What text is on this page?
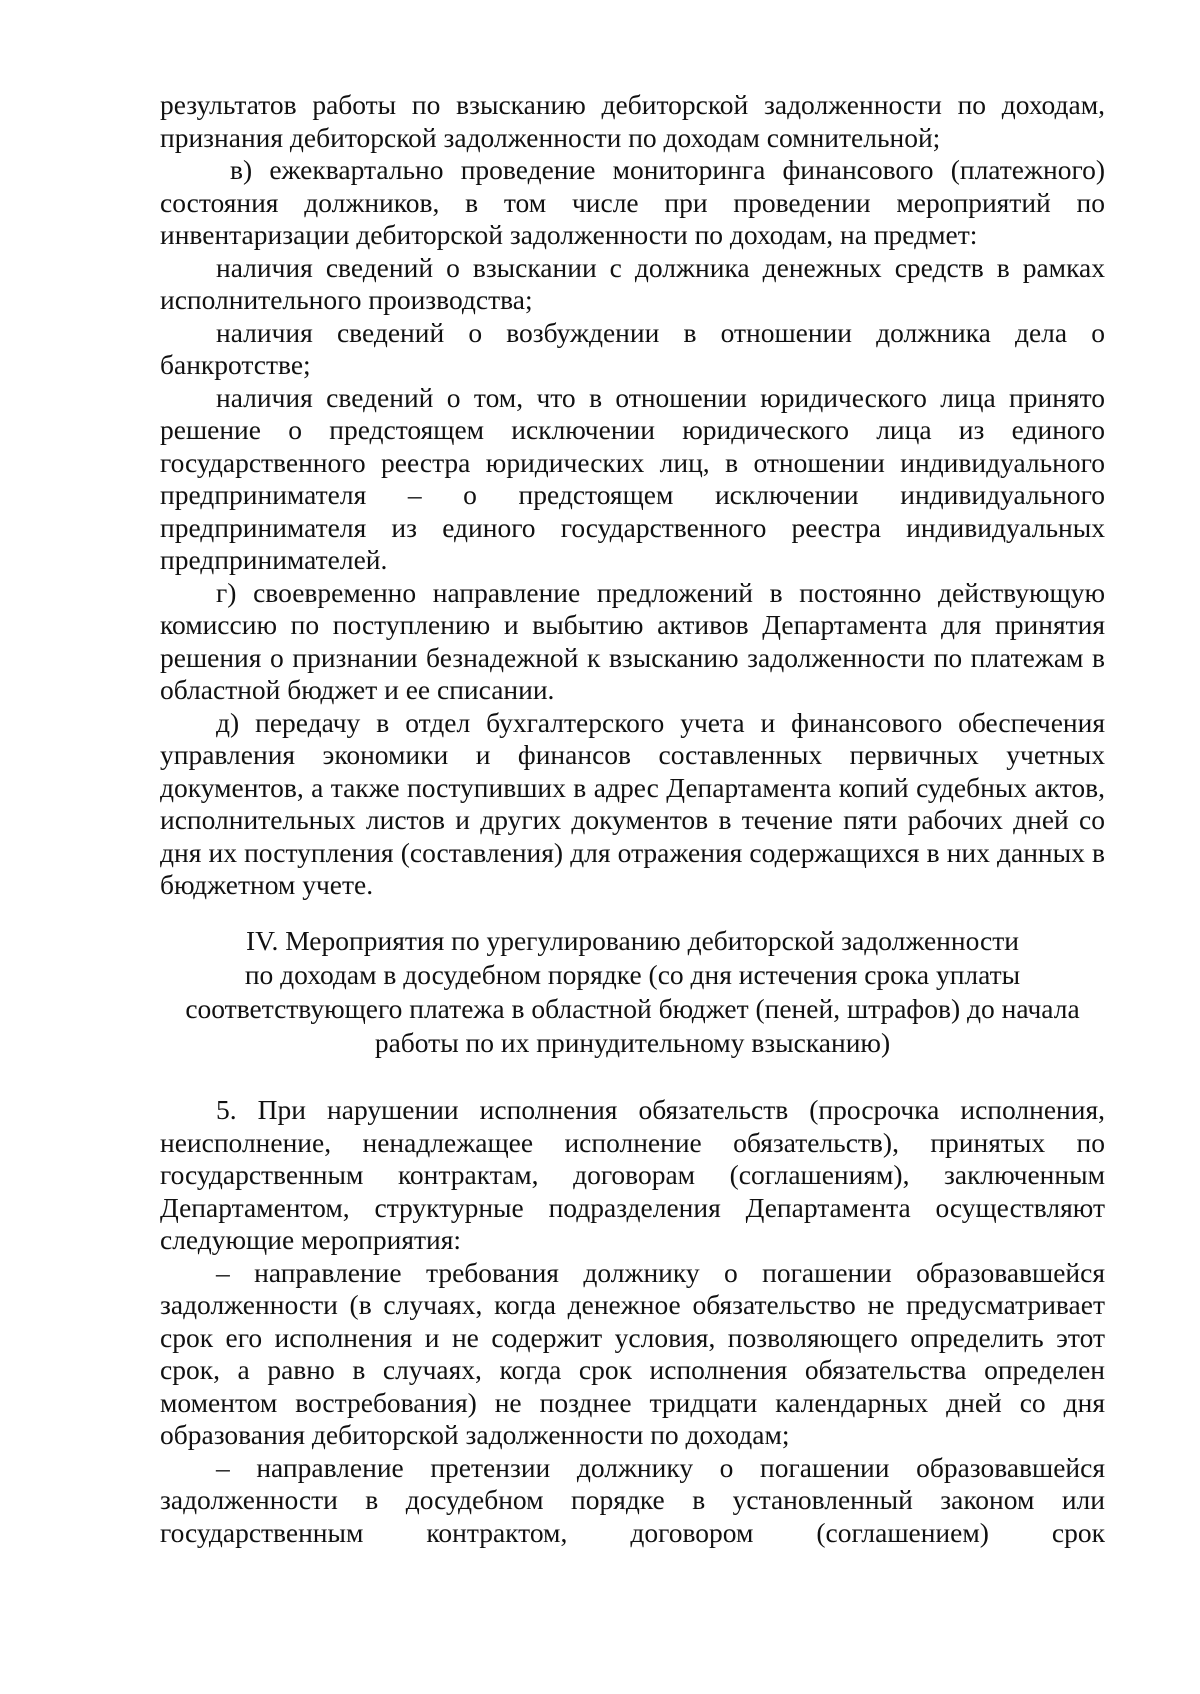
результатов работы по взысканию дебиторской задолженности по доходам, признания дебиторской задолженности по доходам сомнительной;

в) ежеквартально проведение мониторинга финансового (платежного) состояния должников, в том числе при проведении мероприятий по инвентаризации дебиторской задолженности по доходам, на предмет:

наличия сведений о взыскании с должника денежных средств в рамках исполнительного производства;

наличия сведений о возбуждении в отношении должника дела о банкротстве;

наличия сведений о том, что в отношении юридического лица принято решение о предстоящем исключении юридического лица из единого государственного реестра юридических лиц, в отношении индивидуального предпринимателя – о предстоящем исключении индивидуального предпринимателя из единого государственного реестра индивидуальных предпринимателей.

г) своевременно направление предложений в постоянно действующую комиссию по поступлению и выбытию активов Департамента для принятия решения о признании безнадежной к взысканию задолженности по платежам в областной бюджет и ее списании.

д) передачу в отдел бухгалтерского учета и финансового обеспечения управления экономики и финансов составленных первичных учетных документов, а также поступивших в адрес Департамента копий судебных актов, исполнительных листов и других документов в течение пяти рабочих дней со дня их поступления (составления) для отражения содержащихся в них данных в бюджетном учете.

IV. Мероприятия по урегулированию дебиторской задолженности
по доходам в досудебном порядке (со дня истечения срока уплаты
соответствующего платежа в областной бюджет (пеней, штрафов) до начала
работы по их принудительному взысканию)

5. При нарушении исполнения обязательств (просрочка исполнения, неисполнение, ненадлежащее исполнение обязательств), принятых по государственным контрактам, договорам (соглашениям), заключенным Департаментом, структурные подразделения Департамента осуществляют следующие мероприятия:

– направление требования должнику о погашении образовавшейся задолженности (в случаях, когда денежное обязательство не предусматривает срок его исполнения и не содержит условия, позволяющего определить этот срок, а равно в случаях, когда срок исполнения обязательства определен моментом востребования) не позднее тридцати календарных дней со дня образования дебиторской задолженности по доходам;

– направление претензии должнику о погашении образовавшейся задолженности в досудебном порядке в установленный законом или государственным контрактом, договором (соглашением) срок
